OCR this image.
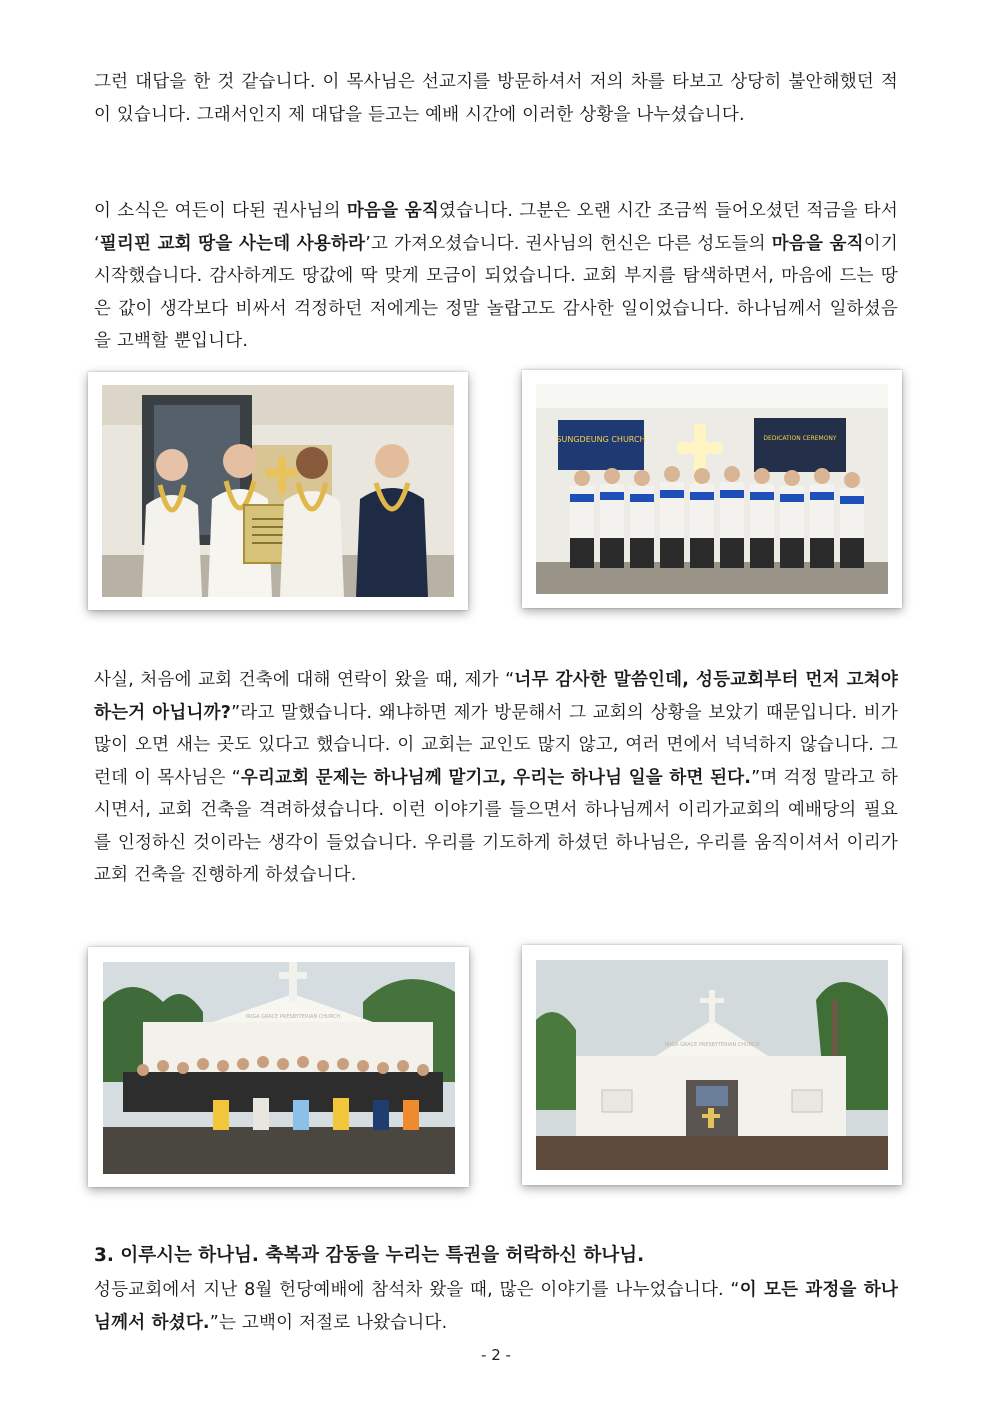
그런 대답을 한 것 같습니다. 이 목사님은 선교지를 방문하셔서 저의 차를 타보고 상당히 불안해했던 적이 있습니다. 그래서인지 제 대답을 듣고는 예배 시간에 이러한 상황을 나누셨습니다.

이 소식은 여든이 다된 권사님의 마음을 움직였습니다. 그분은 오랜 시간 조금씩 들어오셨던 적금을 타서 ‘필리핀 교회 땅을 사는데 사용하라’고 가져오셨습니다. 권사님의 헌신은 다른 성도들의 마음을 움직이기 시작했습니다. 감사하게도 땅값에 딱 맞게 모금이 되었습니다. 교회 부지를 탐색하면서, 마음에 드는 땅은 값이 생각보다 비싸서 걱정하던 저에게는 정말 놀랍고도 감사한 일이었습니다. 하나님께서 일하셨음을 고백할 뿐입니다.

SUNGDEUNG CHURCH	DEDICATION CEREMONY

사실, 처음에 교회 건축에 대해 연락이 왔을 때, 제가 “너무 감사한 말씀인데, 성등교회부터 먼저 고쳐야 하는거 아닙니까?”라고 말했습니다. 왜냐하면 제가 방문해서 그 교회의 상황을 보았기 때문입니다. 비가 많이 오면 새는 곳도 있다고 했습니다. 이 교회는 교인도 많지 않고, 여러 면에서 넉넉하지 않습니다. 그런데 이 목사님은 “우리교회 문제는 하나님께 맡기고, 우리는 하나님 일을 하면 된다.”며 걱정 말라고 하시면서, 교회 건축을 격려하셨습니다. 이런 이야기를 들으면서 하나님께서 이리가교회의 예배당의 필요를 인정하신 것이라는 생각이 들었습니다. 우리를 기도하게 하셨던 하나님은, 우리를 움직이셔서 이리가교회 건축을 진행하게 하셨습니다.

IRIGA GRACE PRESBYTERIAN CHURCH
IRIGA GRACE PRESBYTERIAN CHURCH

3. 이루시는 하나님. 축복과 감동을 누리는 특권을 허락하신 하나님.

성등교회에서 지난 8월 헌당예배에 참석차 왔을 때, 많은 이야기를 나누었습니다. “이 모든 과정을 하나님께서 하셨다.”는 고백이 저절로 나왔습니다.

- 2 -
